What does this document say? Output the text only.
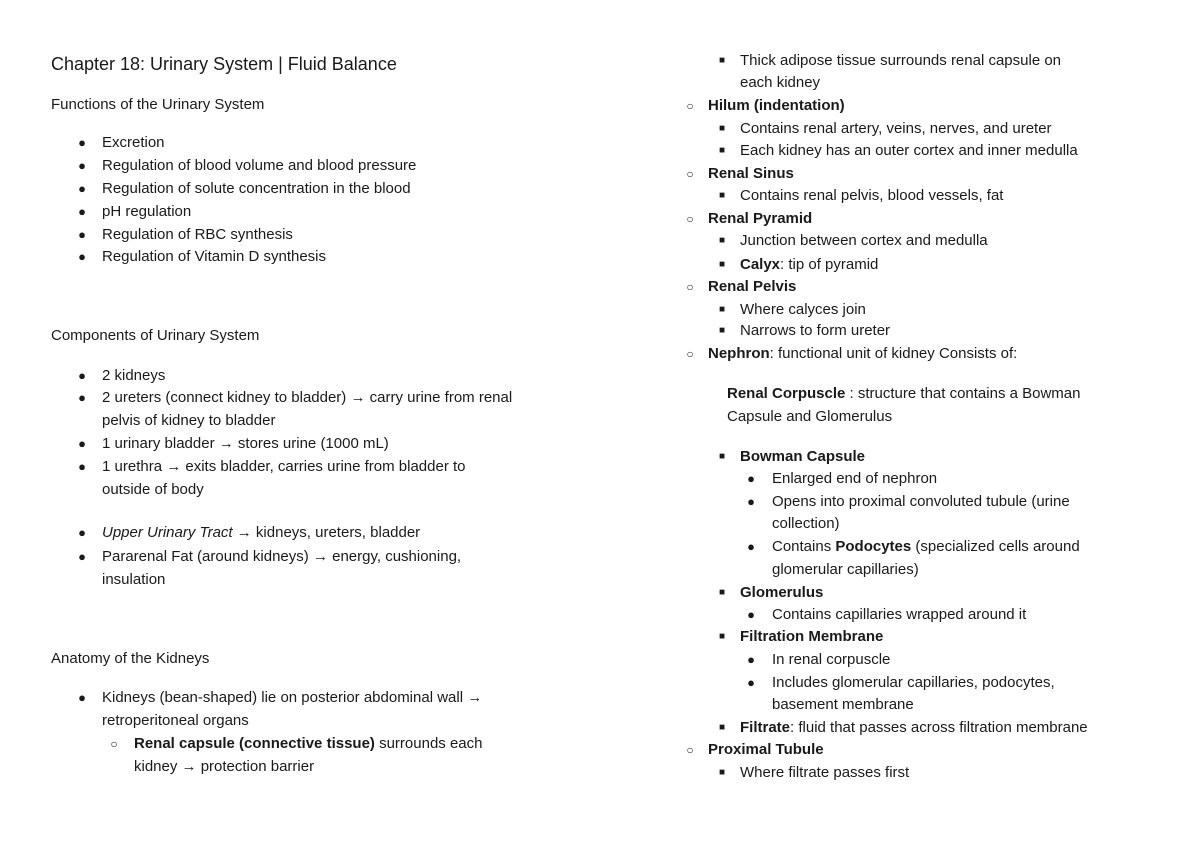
Chapter 18: Urinary System | Fluid Balance
Functions of the Urinary System
● Excretion
● Regulation of blood volume and blood pressure
● Regulation of solute concentration in the blood
● pH regulation
● Regulation of RBC synthesis
● Regulation of Vitamin D synthesis
Components of Urinary System
● 2 kidneys
● 2 ureters (connect kidney to bladder) → carry urine from renal
pelvis of kidney to bladder
● 1 urinary bladder → stores urine (1000 mL)
● 1 urethra → exits bladder, carries urine from bladder to
outside of body
● Upper Urinary Tract → kidneys, ureters, bladder
● Pararenal Fat (around kidneys) → energy, cushioning,
insulation
Anatomy of the Kidneys
● Kidneys (bean-shaped) lie on posterior abdominal wall →
retroperitoneal organs
○ Renal capsule (connective tissue) surrounds each
kidney → protection barrier
■ Thick adipose tissue surrounds renal capsule on
each kidney
○ Hilum (indentation)
■ Contains renal artery, veins, nerves, and ureter
■ Each kidney has an outer cortex and inner medulla
○ Renal Sinus
■ Contains renal pelvis, blood vessels, fat
○ Renal Pyramid
■ Junction between cortex and medulla
■ Calyx: tip of pyramid
○ Renal Pelvis
■ Where calyces join
■ Narrows to form ureter
○ Nephron: functional unit of kidney Consists of:
Renal Corpuscle : structure that contains a Bowman
Capsule and Glomerulus
■ Bowman Capsule
● Enlarged end of nephron
● Opens into proximal convoluted tubule (urine
collection)
● Contains Podocytes (specialized cells around
glomerular capillaries)
■ Glomerulus
● Contains capillaries wrapped around it
■ Filtration Membrane
● In renal corpuscle
● Includes glomerular capillaries, podocytes,
basement membrane
■ Filtrate: fluid that passes across filtration membrane
○ Proximal Tubule
■ Where filtrate passes first
